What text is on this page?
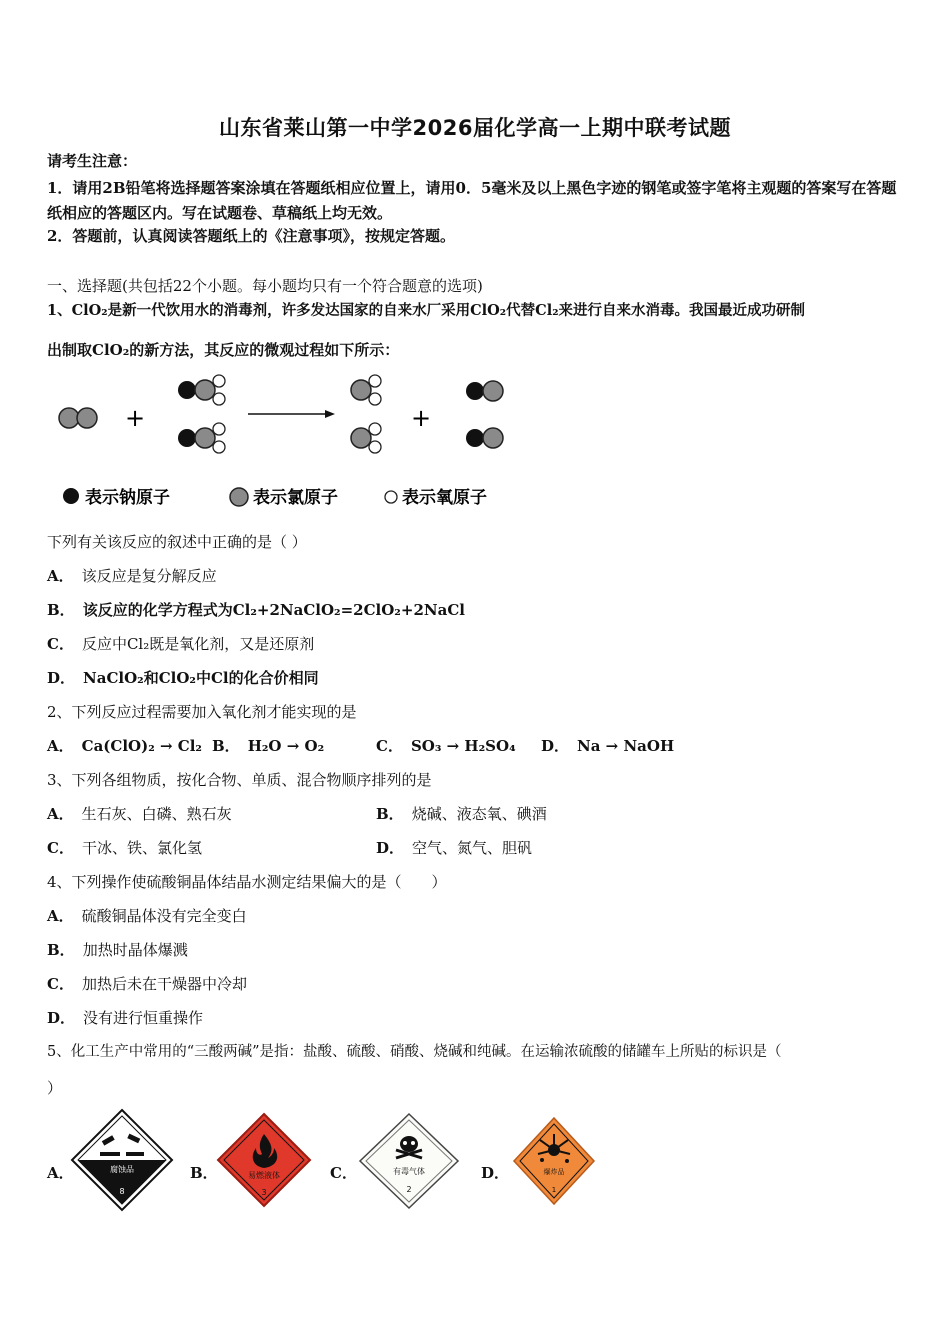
山东省莱山第一中学2026届化学高一上期中联考试题
请考生注意：
1．请用2B铅笔将选择题答案涂填在答题纸相应位置上，请用0．5毫米及以上黑色字迹的钢笔或签字笔将主观题的答案写在答题纸相应的答题区内。写在试题卷、草稿纸上均无效。
2．答题前，认真阅读答题纸上的《注意事项》，按规定答题。
一、选择题(共包括22个小题。每小题均只有一个符合题意的选项)
1、ClO₂是新一代饮用水的消毒剂，许多发达国家的自来水厂采用ClO₂代替Cl₂来进行自来水消毒。我国最近成功研制
出制取ClO₂的新方法，其反应的微观过程如下所示：
+	+
表示钠原子	表示氯原子	表示氧原子
下列有关该反应的叙述中正确的是（ ）
A． 该反应是复分解反应
B． 该反应的化学方程式为Cl₂+2NaClO₂=2ClO₂+2NaCl
C． 反应中Cl₂既是氧化剂，又是还原剂
D． NaClO₂和ClO₂中Cl的化合价相同
2、下列反应过程需要加入氧化剂才能实现的是
A． Ca(ClO)₂ → Cl₂ B． H₂O → O₂	C． SO₃ → H₂SO₄ D． Na → NaOH
3、下列各组物质，按化合物、单质、混合物顺序排列的是
A． 生石灰、白磷、熟石灰	B． 烧碱、液态氧、碘酒
C． 干冰、铁、氯化氢	D． 空气、氮气、胆矾
4、下列操作使硫酸铜晶体结晶水测定结果偏大的是（　　）
A． 硫酸铜晶体没有完全变白
B． 加热时晶体爆溅
C． 加热后未在干燥器中冷却
D． 没有进行恒重操作
5、化工生产中常用的“三酸两碱”是指：盐酸、硫酸、硝酸、烧碱和纯碱。在运输浓硫酸的储罐车上所贴的标识是（
）
A．	B．	C．	D．
腐蚀品
8
易燃液体
3
有毒气体
2
爆炸品
1
